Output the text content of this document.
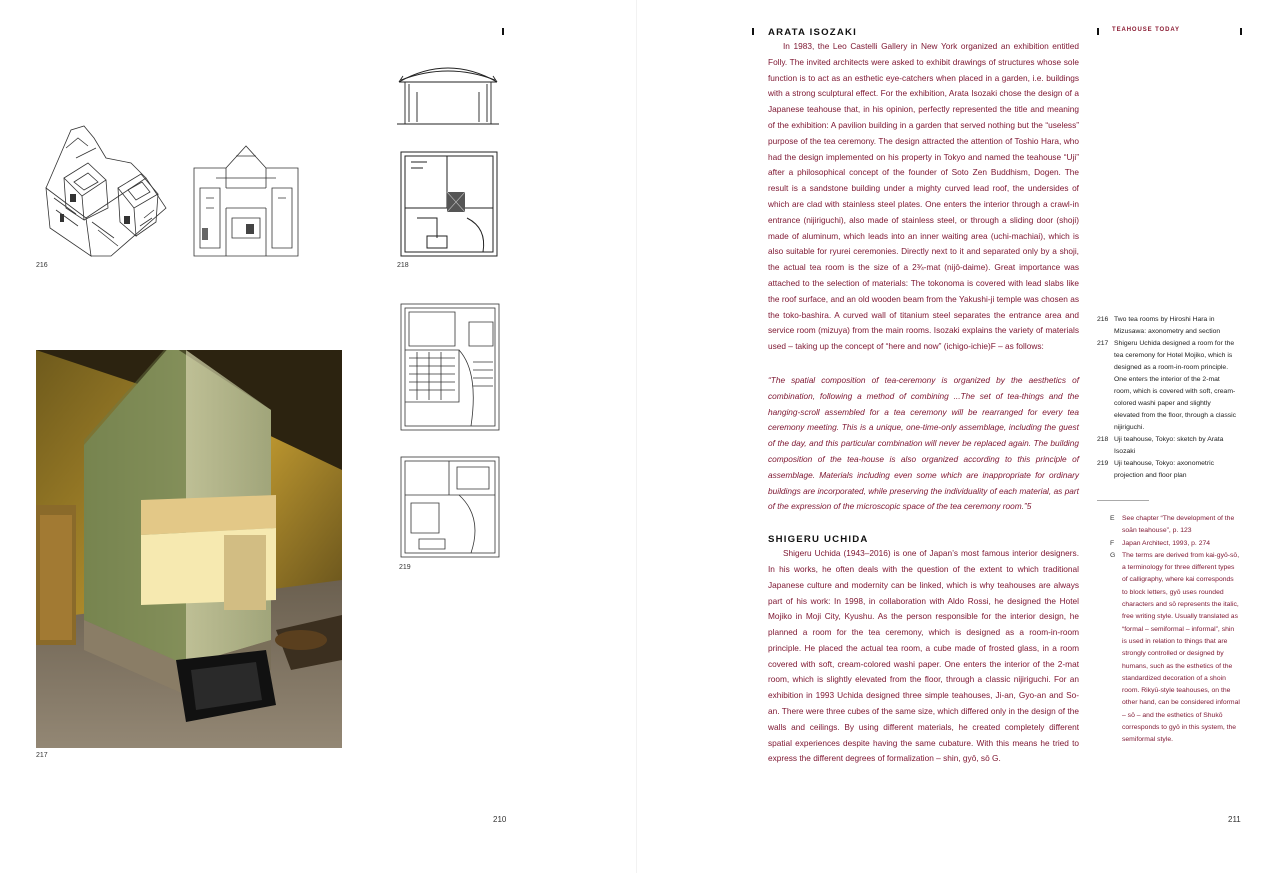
216
217
218
219
210
TEAHOUSE TODAY
ARATA ISOZAKI

In 1983, the Leo Castelli Gallery in New York organized an exhibition entitled Folly. The invited architects were asked to exhibit drawings of structures whose sole function is to act as an esthetic eye-catchers when placed in a garden, i.e. buildings with a strong sculptural effect. For the exhibition, Arata Isozaki chose the design of a Japanese teahouse that, in his opinion, perfectly represented the title and meaning of the exhibition: A pavilion building in a garden that served nothing but the “useless” purpose of the tea ceremony. The design attracted the attention of Toshio Hara, who had the design implemented on his property in Tokyo and named the teahouse “Uji” after a philosophical concept of the founder of Soto Zen Buddhism, Dogen. The result is a sandstone building under a mighty curved lead roof, the undersides of which are clad with stainless steel plates. One enters the interior through a crawl-in entrance (nijiriguchi), also made of stainless steel, or through a sliding door (shoji) made of aluminum, which leads into an inner waiting area (uchi-machiai), which is also suitable for ryurei ceremonies. Directly next to it and separated only by a shoji, the actual tea room is the size of a 2¾-mat (nijō-daime). Great importance was attached to the selection of materials: The tokonoma is covered with lead slabs like the roof surface, and an old wooden beam from the Yakushi-ji temple was chosen as the toko-bashira. A curved wall of titanium steel separates the entrance area and service room (mizuya) from the main rooms. Isozaki explains the variety of materials used – taking up the concept of “here and now” (ichigo-ichie)F – as follows:

“The spatial composition of tea-ceremony is organized by the aesthetics of combination, following a method of combining ...The set of tea-things and the hanging-scroll assembled for a tea ceremony will be rearranged for every tea ceremony meeting. This is a unique, one-time-only assemblage, including the guest of the day, and this particular combination will never be replaced again. The building composition of the tea-house is also organized according to this principle of assemblage. Materials including even some which are inappropriate for ordinary buildings are incorporated, while preserving the individuality of each material, as part of the expression of the microscopic space of the tea ceremony room.”5

SHIGERU UCHIDA

Shigeru Uchida (1943–2016) is one of Japan’s most famous interior designers. In his works, he often deals with the question of the extent to which traditional Japanese culture and modernity can be linked, which is why teahouses are always part of his work: In 1998, in collaboration with Aldo Rossi, he designed the Hotel Mojiko in Moji City, Kyushu. As the person responsible for the interior design, he planned a room for the tea ceremony, which is designed as a room-in-room principle. He placed the actual tea room, a cube made of frosted glass, in a room covered with soft, cream-colored washi paper. One enters the interior of the 2-mat room, which is slightly elevated from the floor, through a classic nijiriguchi. For an exhibition in 1993 Uchida designed three simple teahouses, Ji-an, Gyo-an and So-an. There were three cubes of the same size, which differed only in the design of the walls and ceilings. By using different materials, he created completely different spatial experiences despite having the same cubature. With this means he tried to express the different degrees of formalization – shin, gyō, sō G.

216 Two tea rooms by Hiroshi Hara in Mizusawa: axonometry and section

217 Shigeru Uchida designed a room for the tea ceremony for Hotel Mojiko, which is designed as a room-in-room principle. One enters the interior of the 2-mat room, which is covered with soft, cream-colored washi paper and slightly elevated from the floor, through a classic nijiriguchi.

218 Uji teahouse, Tokyo: sketch by Arata Isozaki

219 Uji teahouse, Tokyo: axonometric projection and floor plan

E See chapter “The development of the soān teahouse”, p. 123

F Japan Architect, 1993, p. 274

G The terms are derived from kai-gyō-sō, a terminology for three different types of calligraphy, where kai corresponds to block letters, gyō uses rounded characters and sō represents the italic, free writing style. Usually translated as “formal – semiformal – informal”, shin is used in relation to things that are strongly controlled or designed by humans, such as the esthetics of the standardized decoration of a shoin room. Rikyū-style teahouses, on the other hand, can be considered informal – sō – and the esthetics of Shukō corresponds to gyō in this system, the semiformal style.

211
